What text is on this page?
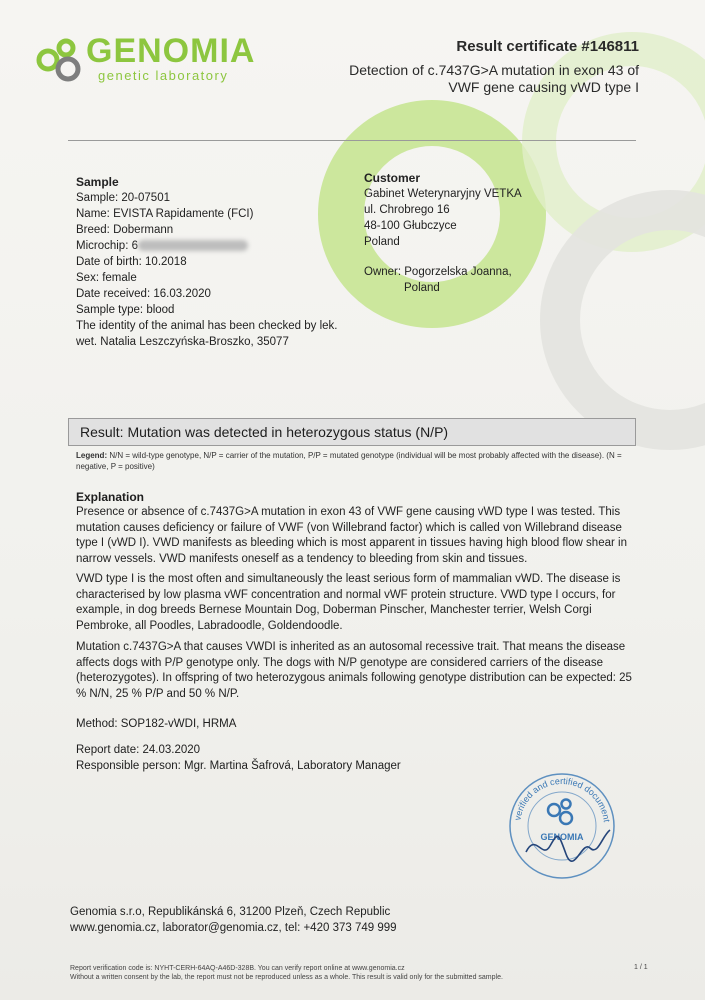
GENOMIA
genetic laboratory
Result certificate #146811
Detection of c.7437G>A mutation in exon 43 of VWF gene causing vWD type I
Sample
Sample: 20-07501
Name: EVISTA Rapidamente (FCI)
Breed: Dobermann
Microchip: 6
Date of birth: 10.2018
Sex: female
Date received: 16.03.2020
Sample type: blood
The identity of the animal has been checked by lek.
wet. Natalia Leszczyńska-Broszko, 35077
Customer
Gabinet Weterynaryjny VETKA
ul. Chrobrego 16
48-100 Głubczyce
Poland
Owner: Pogorzelska Joanna,
Poland
Result: Mutation was detected in heterozygous status (N/P)
Legend: N/N = wild-type genotype, N/P = carrier of the mutation, P/P = mutated genotype (individual will be most probably affected with the disease). (N = negative, P = positive)
Explanation
Presence or absence of c.7437G>A mutation in exon 43 of VWF gene causing vWD type I was tested. This mutation causes deficiency or failure of VWF (von Willebrand factor) which is called von Willebrand disease type I (vWD I). VWD manifests as bleeding which is most apparent in tissues having high blood flow shear in narrow vessels. VWD manifests oneself as a tendency to bleeding from skin and tissues.
VWD type I is the most often and simultaneously the least serious form of mammalian vWD. The disease is characterised by low plasma vWF concentration and normal vWF protein structure. VWD type I occurs, for example, in dog breeds Bernese Mountain Dog, Doberman Pinscher, Manchester terrier, Welsh Corgi Pembroke, all Poodles, Labradoodle, Goldendoodle.
Mutation c.7437G>A that causes VWDI is inherited as an autosomal recessive trait. That means the disease affects dogs with P/P genotype only. The dogs with N/P genotype are considered carriers of the disease (heterozygotes). In offspring of two heterozygous animals following genotype distribution can be expected: 25 % N/N, 25 % P/P and 50 % N/P.
Method: SOP182-vWDI, HRMA
Report date: 24.03.2020
Responsible person: Mgr. Martina Šafrová, Laboratory Manager
verified and certified document
GENOMIA
Genomia s.r.o, Republikánská 6, 31200 Plzeň, Czech Republic
www.genomia.cz, laborator@genomia.cz, tel: +420 373 749 999
Report verification code is: NYHT-CERH-64AQ-A46D-328B. You can verify report online at www.genomia.cz
Without a written consent by the lab, the report must not be reproduced unless as a whole. This result is valid only for the submitted sample.
1 / 1
